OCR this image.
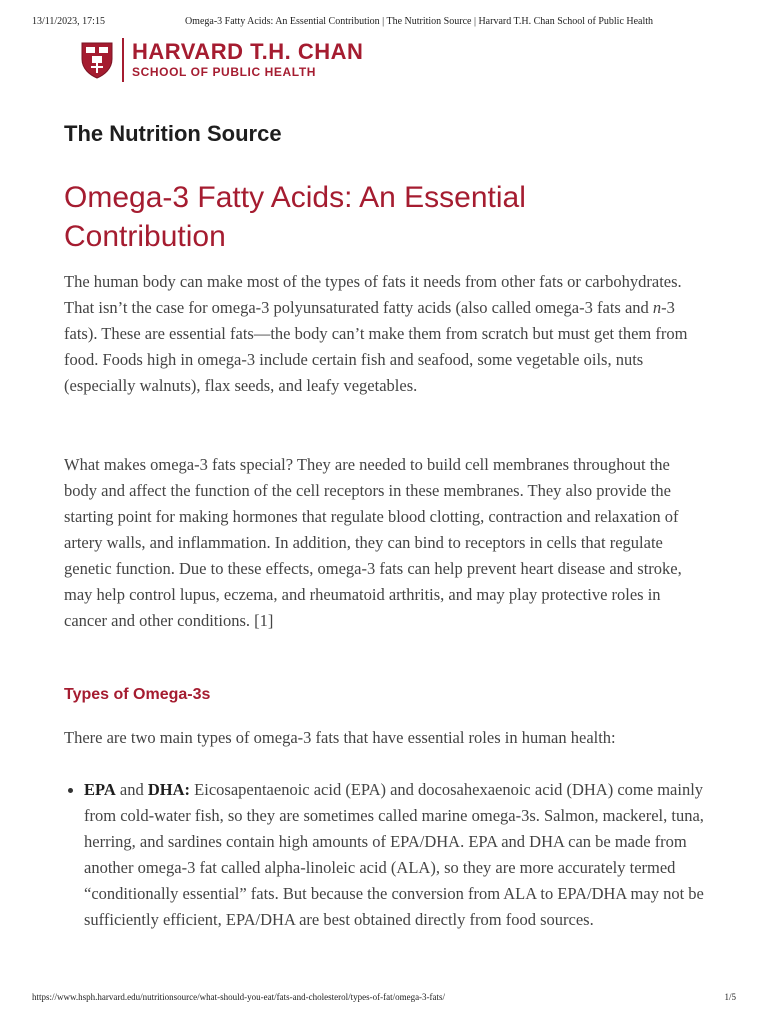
13/11/2023, 17:15	Omega-3 Fatty Acids: An Essential Contribution | The Nutrition Source | Harvard T.H. Chan School of Public Health
HARVARD T.H. CHAN
SCHOOL OF PUBLIC HEALTH
The Nutrition Source
Omega-3 Fatty Acids: An Essential Contribution

The human body can make most of the types of fats it needs from other fats or carbohydrates. That isn’t the case for omega-3 polyunsaturated fatty acids (also called omega-3 fats and n-3 fats). These are essential fats—the body can’t make them from scratch but must get them from food. Foods high in omega-3 include certain fish and seafood, some vegetable oils, nuts (especially walnuts), flax seeds, and leafy vegetables.

What makes omega-3 fats special? They are needed to build cell membranes throughout the body and affect the function of the cell receptors in these membranes. They also provide the starting point for making hormones that regulate blood clotting, contraction and relaxation of artery walls, and inflammation. In addition, they can bind to receptors in cells that regulate genetic function. Due to these effects, omega-3 fats can help prevent heart disease and stroke, may help control lupus, eczema, and rheumatoid arthritis, and may play protective roles in cancer and other conditions. [1]

Types of Omega-3s

There are two main types of omega-3 fats that have essential roles in human health:

EPA and DHA: Eicosapentaenoic acid (EPA) and docosahexaenoic acid (DHA) come mainly from cold-water fish, so they are sometimes called marine omega-3s. Salmon, mackerel, tuna, herring, and sardines contain high amounts of EPA/DHA. EPA and DHA can be made from another omega-3 fat called alpha-linoleic acid (ALA), so they are more accurately termed “conditionally essential” fats. But because the conversion from ALA to EPA/DHA may not be sufficiently efficient, EPA/DHA are best obtained directly from food sources.
https://www.hsph.harvard.edu/nutritionsource/what-should-you-eat/fats-and-cholesterol/types-of-fat/omega-3-fats/	1/5
